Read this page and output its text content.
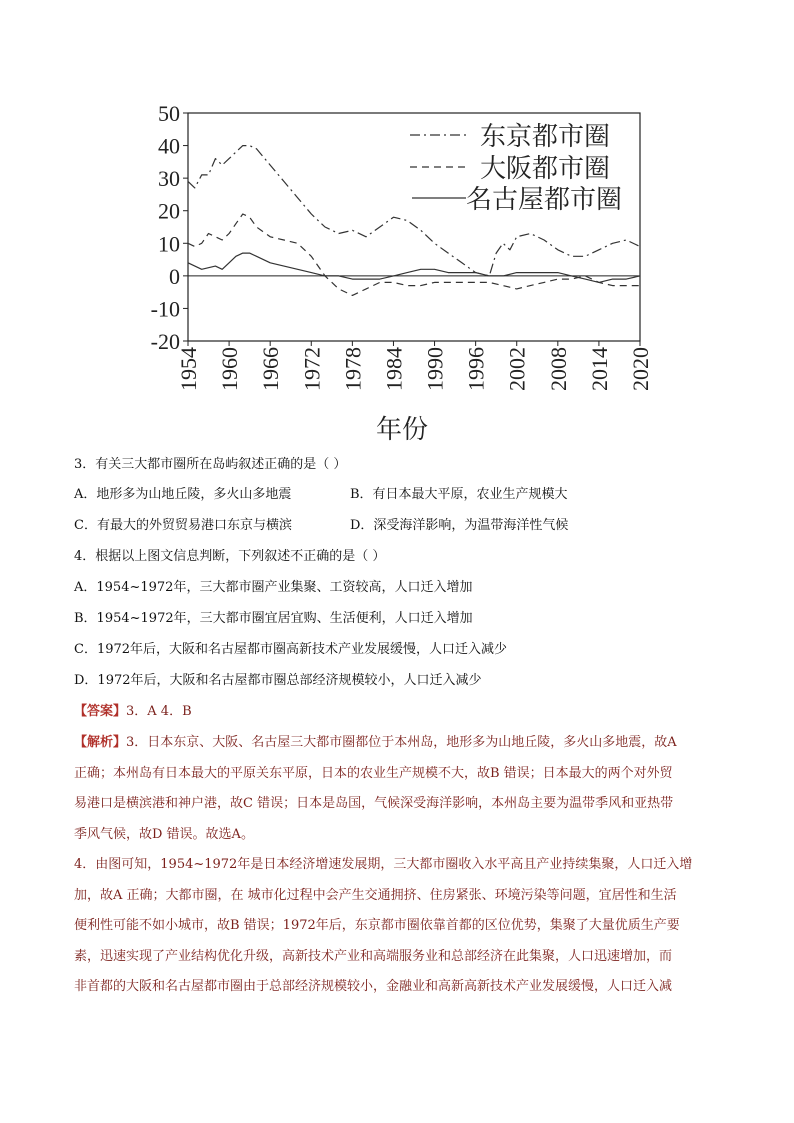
50
40
30
20
10
0
-10
-20
1954 1960 1966 1972 1978 1984 1990 1996 2002 2008 2014 2020
年份
东京都市圈
大阪都市圈
名古屋都市圈
3．有关三大都市圈所在岛屿叙述正确的是（ ）
A．地形多为山地丘陵，多火山多地震	B．有日本最大平原，农业生产规模大
C．有最大的外贸贸易港口东京与横滨	D．深受海洋影响，为温带海洋性气候
4．根据以上图文信息判断，下列叙述不正确的是（ ）
A．1954~1972年，三大都市圈产业集聚、工资较高，人口迁入增加
B．1954~1972年，三大都市圈宜居宜购、生活便利，人口迁入增加
C．1972年后，大阪和名古屋都市圈高新技术产业发展缓慢，人口迁入减少
D．1972年后，大阪和名古屋都市圈总部经济规模较小，人口迁入减少
【答案】3．A 4．B
【解析】3．日本东京、大阪、名古屋三大都市圈都位于本州岛，地形多为山地丘陵，多火山多地震，故A
正确；本州岛有日本最大的平原关东平原，日本的农业生产规模不大，故B 错误；日本最大的两个对外贸
易港口是横滨港和神户港，故C 错误；日本是岛国，气候深受海洋影响，本州岛主要为温带季风和亚热带
季风气候，故D 错误。故选A。
4．由图可知，1954~1972年是日本经济增速发展期，三大都市圈收入水平高且产业持续集聚，人口迁入增
加，故A 正确；大都市圈，在 城市化过程中会产生交通拥挤、住房紧张、环境污染等问题，宜居性和生活
便利性可能不如小城市，故B 错误；1972年后，东京都市圈依靠首都的区位优势，集聚了大量优质生产要
素，迅速实现了产业结构优化升级，高新技术产业和高端服务业和总部经济在此集聚，人口迅速增加，而
非首都的大阪和名古屋都市圈由于总部经济规模较小，金融业和高新高新技术产业发展缓慢，人口迁入减
